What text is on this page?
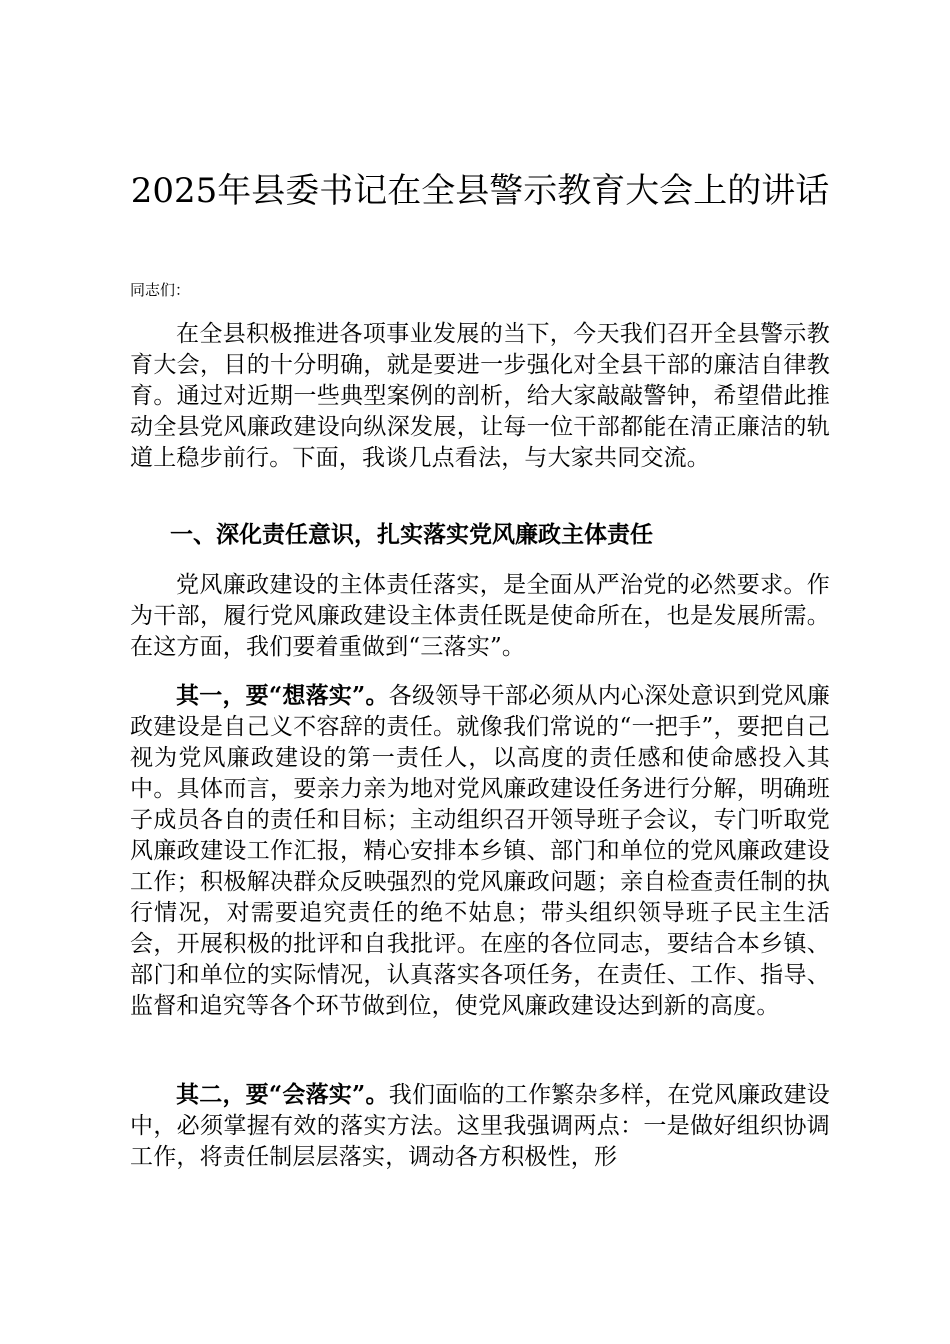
2025年县委书记在全县警示教育大会上的讲话

同志们：

在全县积极推进各项事业发展的当下，今天我们召开全县警示教育大会，目的十分明确，就是要进一步强化对全县干部的廉洁自律教育。通过对近期一些典型案例的剖析，给大家敲敲警钟，希望借此推动全县党风廉政建设向纵深发展，让每一位干部都能在清正廉洁的轨道上稳步前行。下面，我谈几点看法，与大家共同交流。

一、深化责任意识，扎实落实党风廉政主体责任

党风廉政建设的主体责任落实，是全面从严治党的必然要求。作为干部，履行党风廉政建设主体责任既是使命所在，也是发展所需。在这方面，我们要着重做到“三落实”。

其一，要“想落实”。各级领导干部必须从内心深处意识到党风廉政建设是自己义不容辞的责任。就像我们常说的“一把手”，要把自己视为党风廉政建设的第一责任人，以高度的责任感和使命感投入其中。具体而言，要亲力亲为地对党风廉政建设任务进行分解，明确班子成员各自的责任和目标；主动组织召开领导班子会议，专门听取党风廉政建设工作汇报，精心安排本乡镇、部门和单位的党风廉政建设工作；积极解决群众反映强烈的党风廉政问题；亲自检查责任制的执行情况，对需要追究责任的绝不姑息；带头组织领导班子民主生活会，开展积极的批评和自我批评。在座的各位同志，要结合本乡镇、部门和单位的实际情况，认真落实各项任务，在责任、工作、指导、监督和追究等各个环节做到位，使党风廉政建设达到新的高度。

其二，要“会落实”。我们面临的工作繁杂多样，在党风廉政建设中，必须掌握有效的落实方法。这里我强调两点：一是做好组织协调工作，将责任制层层落实，调动各方积极性，形
